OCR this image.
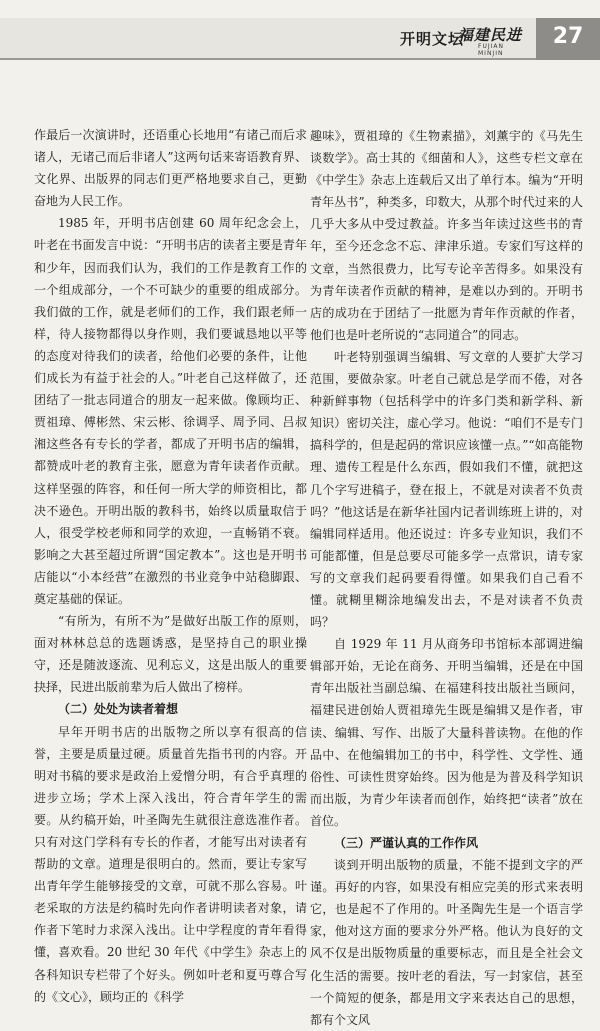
开明文坛
福建民进
FUJIAN MINJIN
27

作最后一次演讲时，还语重心长地用“有诸己而后求诸人，无诸己而后非诸人”这两句话来寄语教育界、文化界、出版界的同志们更严格地要求自己，更勤奋地为人民工作。

1985 年，开明书店创建 60 周年纪念会上，叶老在书面发言中说：“开明书店的读者主要是青年和少年，因而我们认为，我们的工作是教育工作的一个组成部分，一个不可缺少的重要的组成部分。我们做的工作，就是老师们的工作，我们跟老师一样，待人接物都得以身作则，我们要诚恳地以平等的态度对待我们的读者，给他们必要的条件，让他们成长为有益于社会的人。”叶老自己这样做了，还团结了一批志同道合的朋友一起来做。像顾均正、贾祖璋、傅彬然、宋云彬、徐调孚、周予同、吕叔湘这些各有专长的学者，都成了开明书店的编辑，都赞成叶老的教育主张，愿意为青年读者作贡献。这样坚强的阵容，和任何一所大学的师资相比，都决不逊色。开明出版的教科书，始终以质量取信于人，很受学校老师和同学的欢迎，一直畅销不衰。影响之大甚至超过所谓“国定教本”。这也是开明书店能以“小本经营”在激烈的书业竞争中站稳脚跟、奠定基础的保证。

“有所为，有所不为”是做好出版工作的原则，面对林林总总的选题诱惑，是坚持自己的职业操守，还是随波逐流、见利忘义，这是出版人的重要抉择，民进出版前辈为后人做出了榜样。

（二）处处为读者着想

早年开明书店的出版物之所以享有很高的信誉，主要是质量过硬。质量首先指书刊的内容。开明对书稿的要求是政治上爱憎分明，有合乎真理的进步立场；学术上深入浅出，符合青年学生的需要。从约稿开始，叶圣陶先生就很注意选准作者。只有对这门学科有专长的作者，才能写出对读者有帮助的文章。道理是很明白的。然而，要让专家写出青年学生能够接受的文章，可就不那么容易。叶老采取的方法是约稿时先向作者讲明读者对象，请作者下笔时力求深入浅出。让中学程度的青年看得懂，喜欢看。20 世纪 30 年代《中学生》杂志上的各科知识专栏带了个好头。例如叶老和夏丏尊合写的《文心》，顾均正的《科学

趣味》，贾祖璋的《生物素描》，刘薰宇的《马先生谈数学》。高士其的《细菌和人》，这些专栏文章在《中学生》杂志上连载后又出了单行本。编为“开明青年丛书”，种类多，印数大，从那个时代过来的人几乎大多从中受过教益。许多当年读过这些书的青年，至今还念念不忘、津津乐道。专家们写这样的文章，当然很费力，比写专论辛苦得多。如果没有为青年读者作贡献的精神，是难以办到的。开明书店的成功在于团结了一批愿为青年作贡献的作者，他们也是叶老所说的“志同道合”的同志。

叶老特别强调当编辑、写文章的人要扩大学习范围，要做杂家。叶老自己就总是学而不倦，对各种新鲜事物（包括科学中的许多门类和新学科、新知识）密切关注，虚心学习。他说：“咱们不是专门搞科学的，但是起码的常识应该懂一点。”“如高能物理、遗传工程是什么东西，假如我们不懂，就把这几个字写进稿子，登在报上，不就是对读者不负责吗？”他这话是在新华社国内记者训练班上讲的，对编辑同样适用。他还说过：许多专业知识，我们不可能都懂，但是总要尽可能多学一点常识，请专家写的文章我们起码要看得懂。如果我们自己看不懂。就糊里糊涂地编发出去，不是对读者不负责吗？

自 1929 年 11 月从商务印书馆标本部调进编辑部开始，无论在商务、开明当编辑，还是在中国青年出版社当副总编、在福建科技出版社当顾问，福建民进创始人贾祖璋先生既是编辑又是作者，审读、编辑、写作、出版了大量科普读物。在他的作品中、在他编辑加工的书中，科学性、文学性、通俗性、可读性贯穿始终。因为他是为普及科学知识而出版，为青少年读者而创作，始终把“读者”放在首位。

（三）严谨认真的工作作风

谈到开明出版物的质量，不能不提到文字的严谨。再好的内容，如果没有相应完美的形式来表明它，也是起不了作用的。叶圣陶先生是一个语言学家，他对这方面的要求分外严格。他认为良好的文风不仅是出版物质量的重要标志，而且是全社会文化生活的需要。按叶老的看法，写一封家信，甚至一个简短的便条，都是用文字来表达自己的思想，都有个文风
